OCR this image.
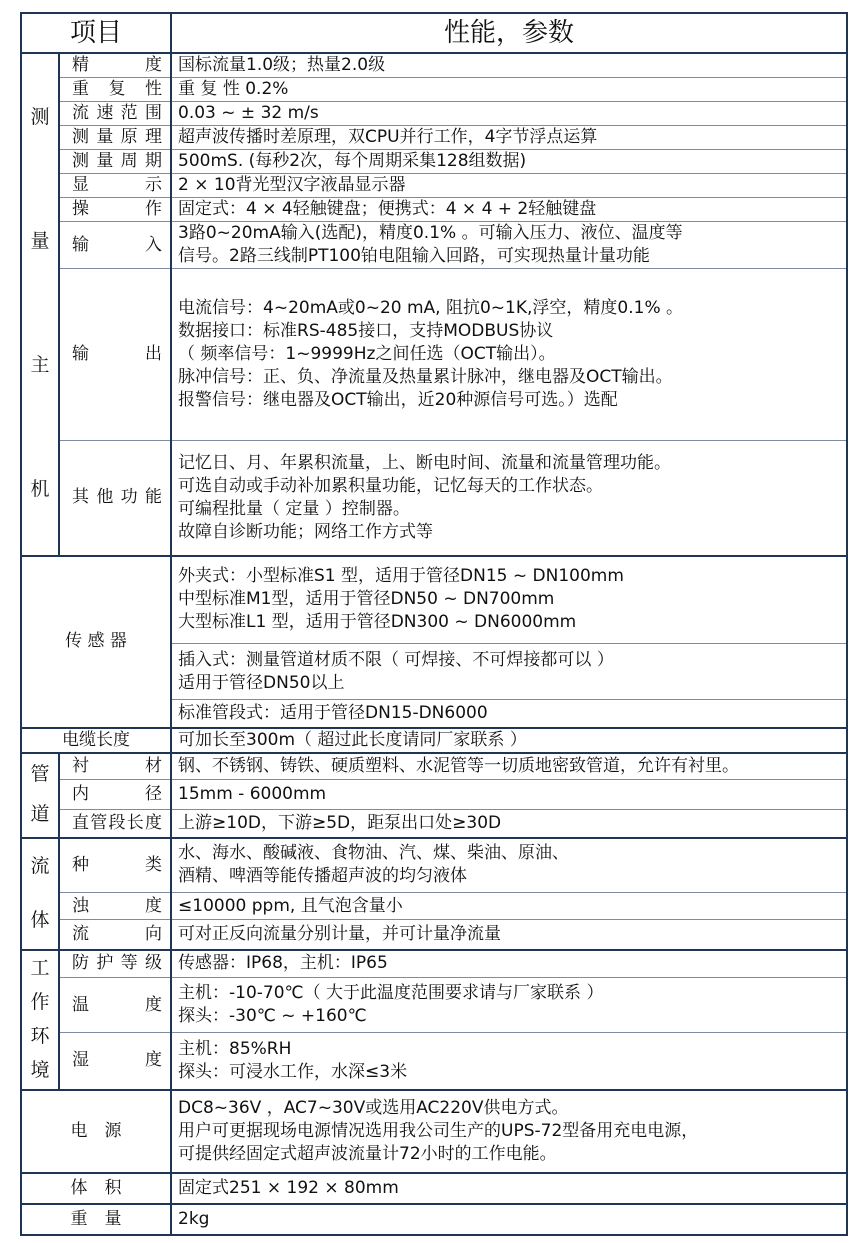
项目		性能，参数

测
量
主
机	精度	国标流量1.0级；热量2.0级

	重复性	重 复 性 0.2%

	流速范围	0.03 ~ ± 32 m/s

	测量原理	超声波传播时差原理，双CPU并行工作，4字节浮点运算

	测量周期	500mS. (每秒2次，每个周期采集128组数据)

	显示	2 × 10背光型汉字液晶显示器

	操作	固定式：4 × 4轻触键盘；便携式：4 × 4 + 2轻触键盘

	输入	3路0~20mA输入(选配)，精度0.1% 。可输入压力、液位、温度等
信号。2路三线制PT100铂电阻输入回路，可实现热量计量功能

	输出	电流信号：4~20mA或0~20 mA, 阻抗0~1K,浮空，精度0.1% 。
数据接口：标准RS-485接口，支持MODBUS协议
（ 频率信号：1~9999Hz之间任选（OCT输出）。
脉冲信号：正、负、净流量及热量累计脉冲，继电器及OCT输出。
报警信号：继电器及OCT输出，近20种源信号可选。）选配

	其他功能	记忆日、月、年累积流量，上、断电时间、流量和流量管理功能。
可选自动或手动补加累积量功能，记忆每天的工作状态。
可编程批量（ 定量 ）控制器。
故障自诊断功能；网络工作方式等

传 感 器		外夹式：小型标准S1 型，适用于管径DN15 ~ DN100mm
中型标准M1型，适用于管径DN50 ~ DN700mm
大型标准L1 型，适用于管径DN300 ~ DN6000mm

		插入式：测量管道材质不限（ 可焊接、不可焊接都可以 ）
适用于管径DN50以上

		标准管段式：适用于管径DN15-DN6000

电缆长度		可加长至300m（ 超过此长度请同厂家联系 ）

管
道	衬材	钢、不锈钢、铸铁、硬质塑料、水泥管等一切质地密致管道，允许有衬里。

	内径	15mm - 6000mm

	直管段长度	上游≥10D，下游≥5D，距泵出口处≥30D

流
体	种类	水、海水、酸碱液、食物油、汽、煤、柴油、原油、
酒精、啤酒等能传播超声波的均匀液体

	浊度	≤10000 ppm, 且气泡含量小

	流向	可对正反向流量分别计量，并可计量净流量

工
作
环
境	防护等级	传感器：IP68，主机：IP65

	温度	主机：-10-70℃（ 大于此温度范围要求请与厂家联系 ）
探头：-30℃ ~ +160℃

	湿度	主机：85%RH
探头：可浸水工作，水深≤3米

电　源		DC8~36V ，AC7~30V或选用AC220V供电方式。
用户可更据现场电源情况选用我公司生产的UPS-72型备用充电电源，
可提供经固定式超声波流量计72小时的工作电能。

体　积		固定式251 × 192 × 80mm
重　量		2kg
